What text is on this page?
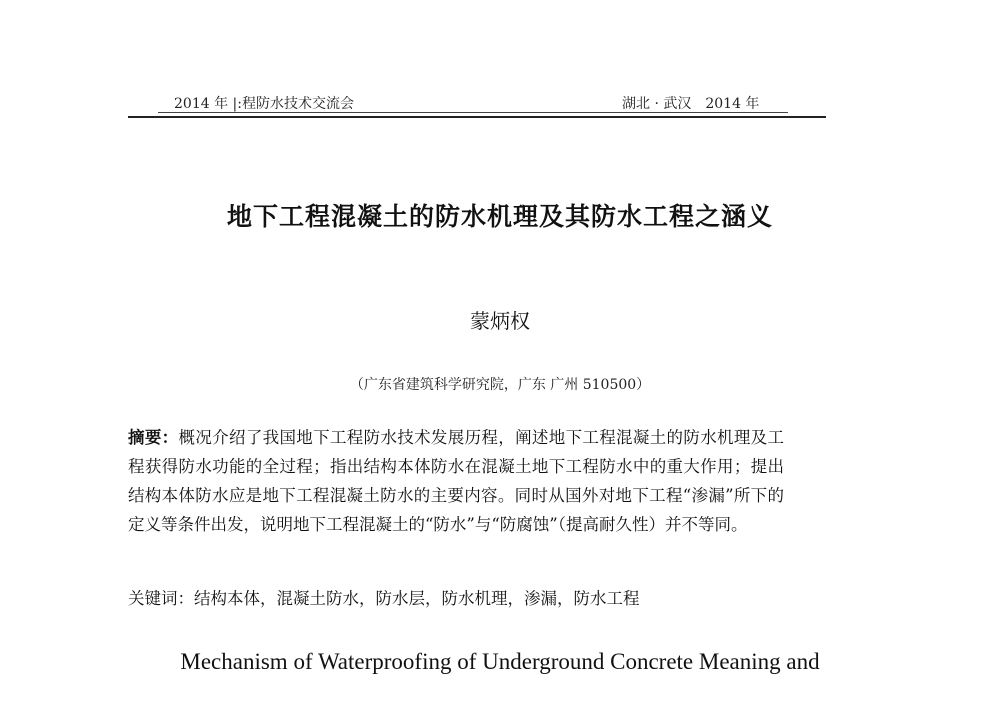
2014 年 |:程防水技术交流会	湖北 · 武汉　2014 年
地下工程混凝土的防水机理及其防水工程之涵义
蒙炳权
（广东省建筑科学研究院，广东 广州 510500）
摘要：概况介绍了我国地下工程防水技术发展历程，阐述地下工程混凝土的防水机理及工程获得防水功能的全过程；指出结构本体防水在混凝土地下工程防水中的重大作用；提出结构本体防水应是地下工程混凝土防水的主要内容。同时从国外对地下工程“渗漏”所下的定义等条件出发，说明地下工程混凝土的“防水”与“防腐蚀”（提高耐久性）并不等同。
关键词：结构本体，混凝土防水，防水层，防水机理，渗漏，防水工程
Mechanism of Waterproofing of Underground Concrete Meaning and
